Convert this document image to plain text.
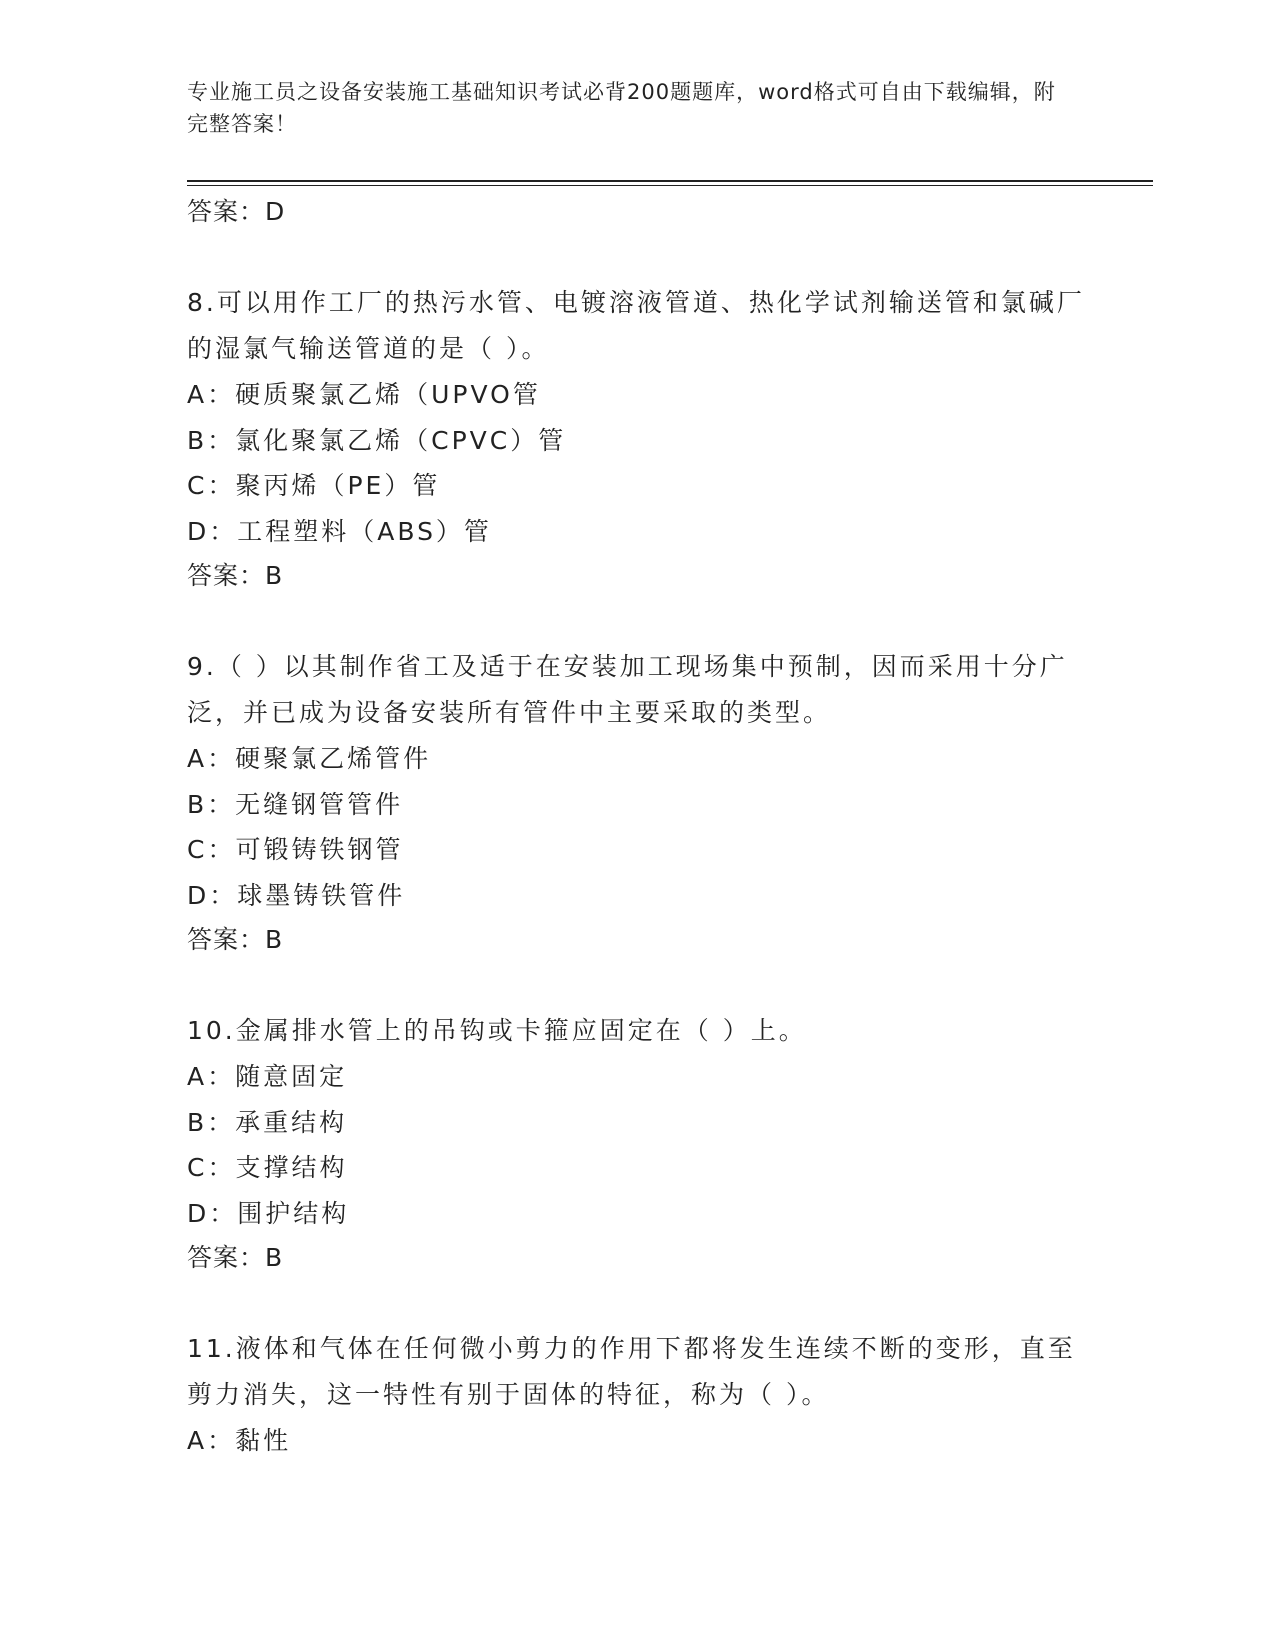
专业施工员之设备安装施工基础知识考试必背200题题库，word格式可自由下载编辑，附完整答案！

答案：D

8.可以用作工厂的热污水管、电镀溶液管道、热化学试剂输送管和氯碱厂的湿氯气输送管道的是（ ）。

A：硬质聚氯乙烯（UPVO管

B：氯化聚氯乙烯（CPVC）管

C：聚丙烯（PE）管

D：工程塑料（ABS）管

答案：B

9.（ ）以其制作省工及适于在安装加工现场集中预制，因而采用十分广泛，并已成为设备安装所有管件中主要采取的类型。

A：硬聚氯乙烯管件

B：无缝钢管管件

C：可锻铸铁钢管

D：球墨铸铁管件

答案：B

10.金属排水管上的吊钩或卡箍应固定在（ ）上。

A：随意固定

B：承重结构

C：支撑结构

D：围护结构

答案：B

11.液体和气体在任何微小剪力的作用下都将发生连续不断的变形，直至剪力消失，这一特性有别于固体的特征，称为（ ）。

A：黏性
